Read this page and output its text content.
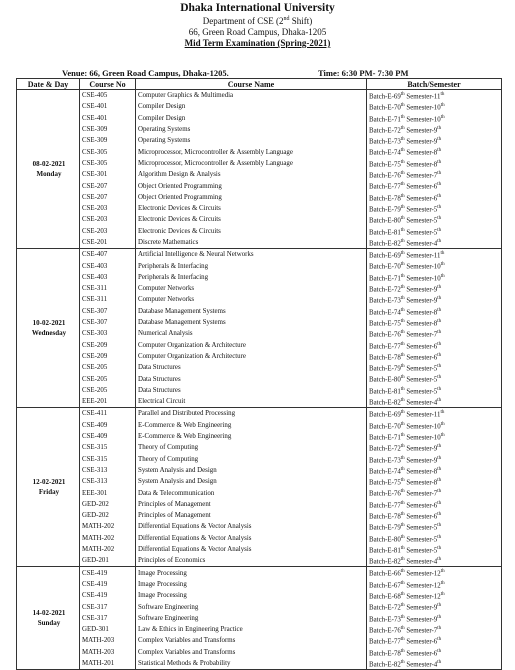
Dhaka International University
Department of CSE (2nd Shift)
66, Green Road Campus, Dhaka-1205
Mid Term Examination (Spring-2021)
Venue: 66, Green Road Campus, Dhaka-1205.	Time: 6:30 PM- 7:30 PM
Date & Day	Course No	Course Name	Batch/Semester

08-02-2021
Monday	CSE-405	Computer Graphics & Multimedia	Batch-E-69th Semester-11th
	CSE-401	Compiler Design	Batch-E-70th Semester-10th
	CSE-401	Compiler Design	Batch-E-71th Semester-10th
	CSE-309	Operating Systems	Batch-E-72th Semester-9th
	CSE-309	Operating Systems	Batch-E-73th Semester-9th
	CSE-305	Microprocessor, Microcontroller & Assembly Language	Batch-E-74th Semester-8th
	CSE-305	Microprocessor, Microcontroller & Assembly Language	Batch-E-75th Semester-8th
	CSE-301	Algorithm Design & Analysis	Batch-E-76th Semester-7th
	CSE-207	Object Oriented Programming	Batch-E-77th Semester-6th
	CSE-207	Object Oriented Programming	Batch-E-78th Semester-6th
	CSE-203	Electronic Devices & Circuits	Batch-E-79th Semester-5th
	CSE-203	Electronic Devices & Circuits	Batch-E-80th Semester-5th
	CSE-203	Electronic Devices & Circuits	Batch-E-81th Semester-5th
	CSE-201	Discrete Mathematics	Batch-E-82th Semester-4th

10-02-2021
Wednesday	CSE-407	Artificial Intelligence & Neural Networks	Batch-E-69th Semester-11th
	CSE-403	Peripherals & Interfacing	Batch-E-70th Semester-10th
	CSE-403	Peripherals & Interfacing	Batch-E-71th Semester-10th
	CSE-311	Computer Networks	Batch-E-72th Semester-9th
	CSE-311	Computer Networks	Batch-E-73th Semester-9th
	CSE-307	Database Management Systems	Batch-E-74th Semester-8th
	CSE-307	Database Management Systems	Batch-E-75th Semester-8th
	CSE-303	Numerical Analysis	Batch-E-76th Semester-7th
	CSE-209	Computer Organization & Architecture	Batch-E-77th Semester-6th
	CSE-209	Computer Organization & Architecture	Batch-E-78th Semester-6th
	CSE-205	Data Structures	Batch-E-79th Semester-5th
	CSE-205	Data Structures	Batch-E-80th Semester-5th
	CSE-205	Data Structures	Batch-E-81th Semester-5th
	EEE-201	Electrical Circuit	Batch-E-82th Semester-4th

12-02-2021
Friday	CSE-411	Parallel and Distributed Processing	Batch-E-69th Semester-11th
	CSE-409	E-Commerce & Web Engineering	Batch-E-70th Semester-10th
	CSE-409	E-Commerce & Web Engineering	Batch-E-71th Semester-10th
	CSE-315	Theory of Computing	Batch-E-72th Semester-9th
	CSE-315	Theory of Computing	Batch-E-73th Semester-9th
	CSE-313	System Analysis and Design	Batch-E-74th Semester-8th
	CSE-313	System Analysis and Design	Batch-E-75th Semester-8th
	EEE-301	Data & Telecommunication	Batch-E-76th Semester-7th
	GED-202	Principles of Management	Batch-E-77th Semester-6th
	GED-202	Principles of Management	Batch-E-78th Semester-6th
	MATH-202	Differential Equations & Vector Analysis	Batch-E-79th Semester-5th
	MATH-202	Differential Equations & Vector Analysis	Batch-E-80th Semester-5th
	MATH-202	Differential Equations & Vector Analysis	Batch-E-81th Semester-5th
	GED-201	Principles of Economics	Batch-E-82th Semester-4th

14-02-2021
Sunday	CSE-419	Image Processing	Batch-E-66th Semester-12th
	CSE-419	Image Processing	Batch-E-67th Semester-12th
	CSE-419	Image Processing	Batch-E-68th Semester-12th
	CSE-317	Software Engineering	Batch-E-72th Semester-9th
	CSE-317	Software Engineering	Batch-E-73th Semester-9th
	GED-301	Law & Ethics in Engineering Practice	Batch-E-76th Semester-7th
	MATH-203	Complex Variables and Transforms	Batch-E-77th Semester-6th
	MATH-203	Complex Variables and Transforms	Batch-E-78th Semester-6th
	MATH-201	Statistical Methods & Probability	Batch-E-82th Semester-4th
